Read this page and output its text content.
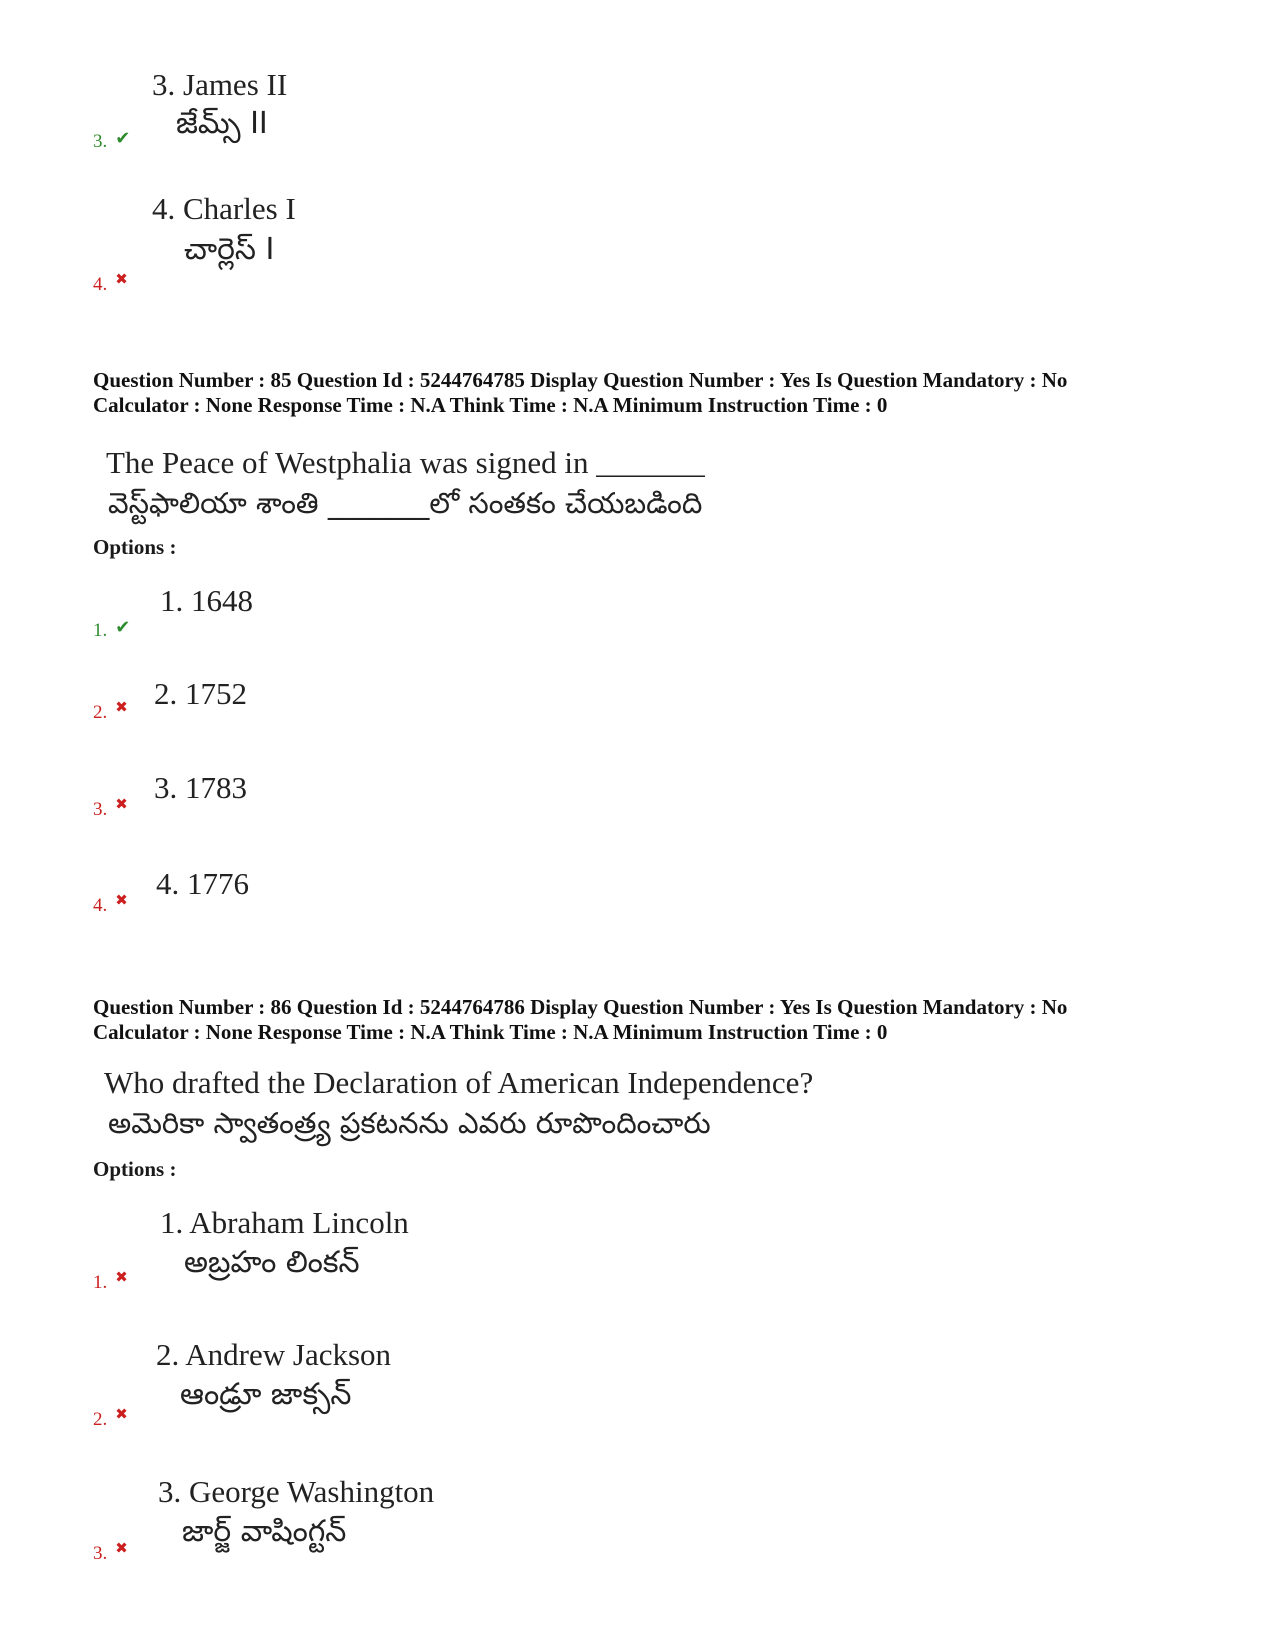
3. James II
జేమ్స్ II
3. ✔
4. Charles I
చార్లెస్ I
4. ✖
Question Number : 85 Question Id : 5244764785 Display Question Number : Yes Is Question Mandatory : No
Calculator : None Response Time : N.A Think Time : N.A Minimum Instruction Time : 0
The Peace of Westphalia was signed in _______
వెస్ట్‌ఫాలియా శాంతి _______లో సంతకం చేయబడింది
Options :
1. 1648
1. ✔
2. 1752
2. ✖
3. 1783
3. ✖
4. 1776
4. ✖
Question Number : 86 Question Id : 5244764786 Display Question Number : Yes Is Question Mandatory : No
Calculator : None Response Time : N.A Think Time : N.A Minimum Instruction Time : 0
Who drafted the Declaration of American Independence?
అమెరికా స్వాతంత్ర్య ప్రకటనను ఎవరు రూపొందించారు
Options :
1. Abraham Lincoln
అబ్రహం లింకన్
1. ✖
2. Andrew Jackson
ఆండ్రూ జాక్సన్
2. ✖
3. George Washington
జార్జ్ వాషింగ్టన్
3. ✖
